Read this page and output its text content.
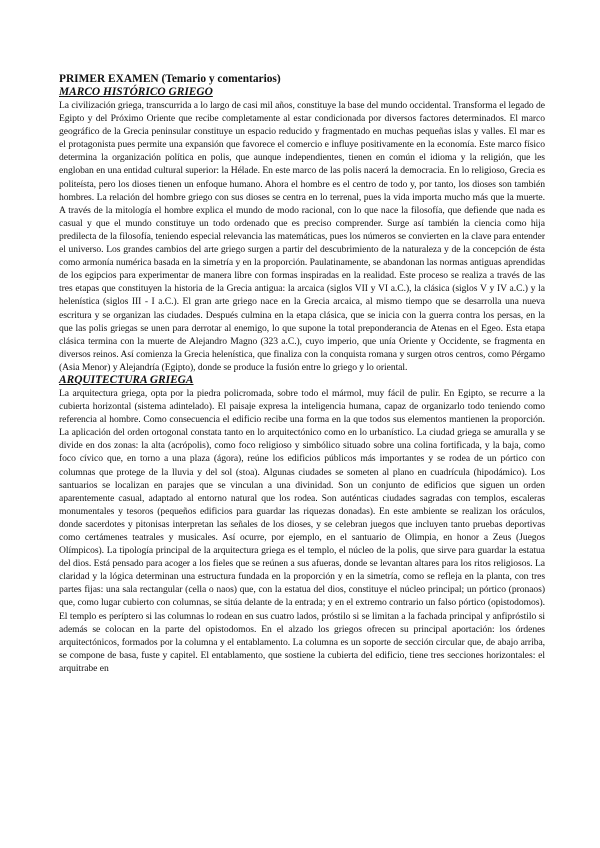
PRIMER EXAMEN (Temario y comentarios)

MARCO HISTÓRICO GRIEGO

La civilización griega, transcurrida a lo largo de casi mil años, constituye la base del mundo occidental. Transforma el legado de Egipto y del Próximo Oriente que recibe completamente al estar condicionada por diversos factores determinados. El marco geográfico de la Grecia peninsular constituye un espacio reducido y fragmentado en muchas pequeñas islas y valles. El mar es el protagonista pues permite una expansión que favorece el comercio e influye positivamente en la economía. Este marco físico determina la organización política en polis, que aunque independientes, tienen en común el idioma y la religión, que les engloban en una entidad cultural superior: la Hélade. En este marco de las polis nacerá la democracia. En lo religioso, Grecia es politeísta, pero los dioses tienen un enfoque humano. Ahora el hombre es el centro de todo y, por tanto, los dioses son también hombres. La relación del hombre griego con sus dioses se centra en lo terrenal, pues la vida importa mucho más que la muerte. A través de la mitología el hombre explica el mundo de modo racional, con lo que nace la filosofía, que defiende que nada es casual y que el mundo constituye un todo ordenado que es preciso comprender. Surge así también la ciencia como hija predilecta de la filosofía, teniendo especial relevancia las matemáticas, pues los números se convierten en la clave para entender el universo. Los grandes cambios del arte griego surgen a partir del descubrimiento de la naturaleza y de la concepción de ésta como armonía numérica basada en la simetría y en la proporción. Paulatinamente, se abandonan las normas antiguas aprendidas de los egipcios para experimentar de manera libre con formas inspiradas en la realidad. Este proceso se realiza a través de las tres etapas que constituyen la historia de la Grecia antigua: la arcaica (siglos VII y VI a.C.), la clásica (siglos V y IV a.C.) y la helenística (siglos III - I a.C.). El gran arte griego nace en la Grecia arcaica, al mismo tiempo que se desarrolla una nueva escritura y se organizan las ciudades. Después culmina en la etapa clásica, que se inicia con la guerra contra los persas, en la que las polis griegas se unen para derrotar al enemigo, lo que supone la total preponderancia de Atenas en el Egeo. Esta etapa clásica termina con la muerte de Alejandro Magno (323 a.C.), cuyo imperio, que unía Oriente y Occidente, se fragmenta en diversos reinos. Así comienza la Grecia helenística, que finaliza con la conquista romana y surgen otros centros, como Pérgamo (Asia Menor) y Alejandría (Egipto), donde se produce la fusión entre lo griego y lo oriental.

ARQUITECTURA GRIEGA

La arquitectura griega, opta por la piedra policromada, sobre todo el mármol, muy fácil de pulir. En Egipto, se recurre a la cubierta horizontal (sistema adintelado). El paisaje expresa la inteligencia humana, capaz de organizarlo todo teniendo como referencia al hombre. Como consecuencia el edificio recibe una forma en la que todos sus elementos mantienen la proporción. La aplicación del orden ortogonal constata tanto en lo arquitectónico como en lo urbanístico. La ciudad griega se amuralla y se divide en dos zonas: la alta (acrópolis), como foco religioso y simbólico situado sobre una colina fortificada, y la baja, como foco cívico que, en torno a una plaza (ágora), reúne los edificios públicos más importantes y se rodea de un pórtico con columnas que protege de la lluvia y del sol (stoa). Algunas ciudades se someten al plano en cuadrícula (hipodámico). Los santuarios se localizan en parajes que se vinculan a una divinidad. Son un conjunto de edificios que siguen un orden aparentemente casual, adaptado al entorno natural que los rodea. Son auténticas ciudades sagradas con templos, escaleras monumentales y tesoros (pequeños edificios para guardar las riquezas donadas). En este ambiente se realizan los oráculos, donde sacerdotes y pitonisas interpretan las señales de los dioses, y se celebran juegos que incluyen tanto pruebas deportivas como certámenes teatrales y musicales. Así ocurre, por ejemplo, en el santuario de Olimpia, en honor a Zeus (Juegos Olímpicos). La tipología principal de la arquitectura griega es el templo, el núcleo de la polis, que sirve para guardar la estatua del dios. Está pensado para acoger a los fieles que se reúnen a sus afueras, donde se levantan altares para los ritos religiosos. La claridad y la lógica determinan una estructura fundada en la proporción y en la simetría, como se refleja en la planta, con tres partes fijas: una sala rectangular (cella o naos) que, con la estatua del dios, constituye el núcleo principal; un pórtico (pronaos) que, como lugar cubierto con columnas, se sitúa delante de la entrada; y en el extremo contrario un falso pórtico (opistodomos). El templo es períptero si las columnas lo rodean en sus cuatro lados, próstilo si se limitan a la fachada principal y anfipróstilo si además se colocan en la parte del opistodomos. En el alzado los griegos ofrecen su principal aportación: los órdenes arquitectónicos, formados por la columna y el entablamento. La columna es un soporte de sección circular que, de abajo arriba, se compone de basa, fuste y capitel. El entablamento, que sostiene la cubierta del edificio, tiene tres secciones horizontales: el arquitrabe en
